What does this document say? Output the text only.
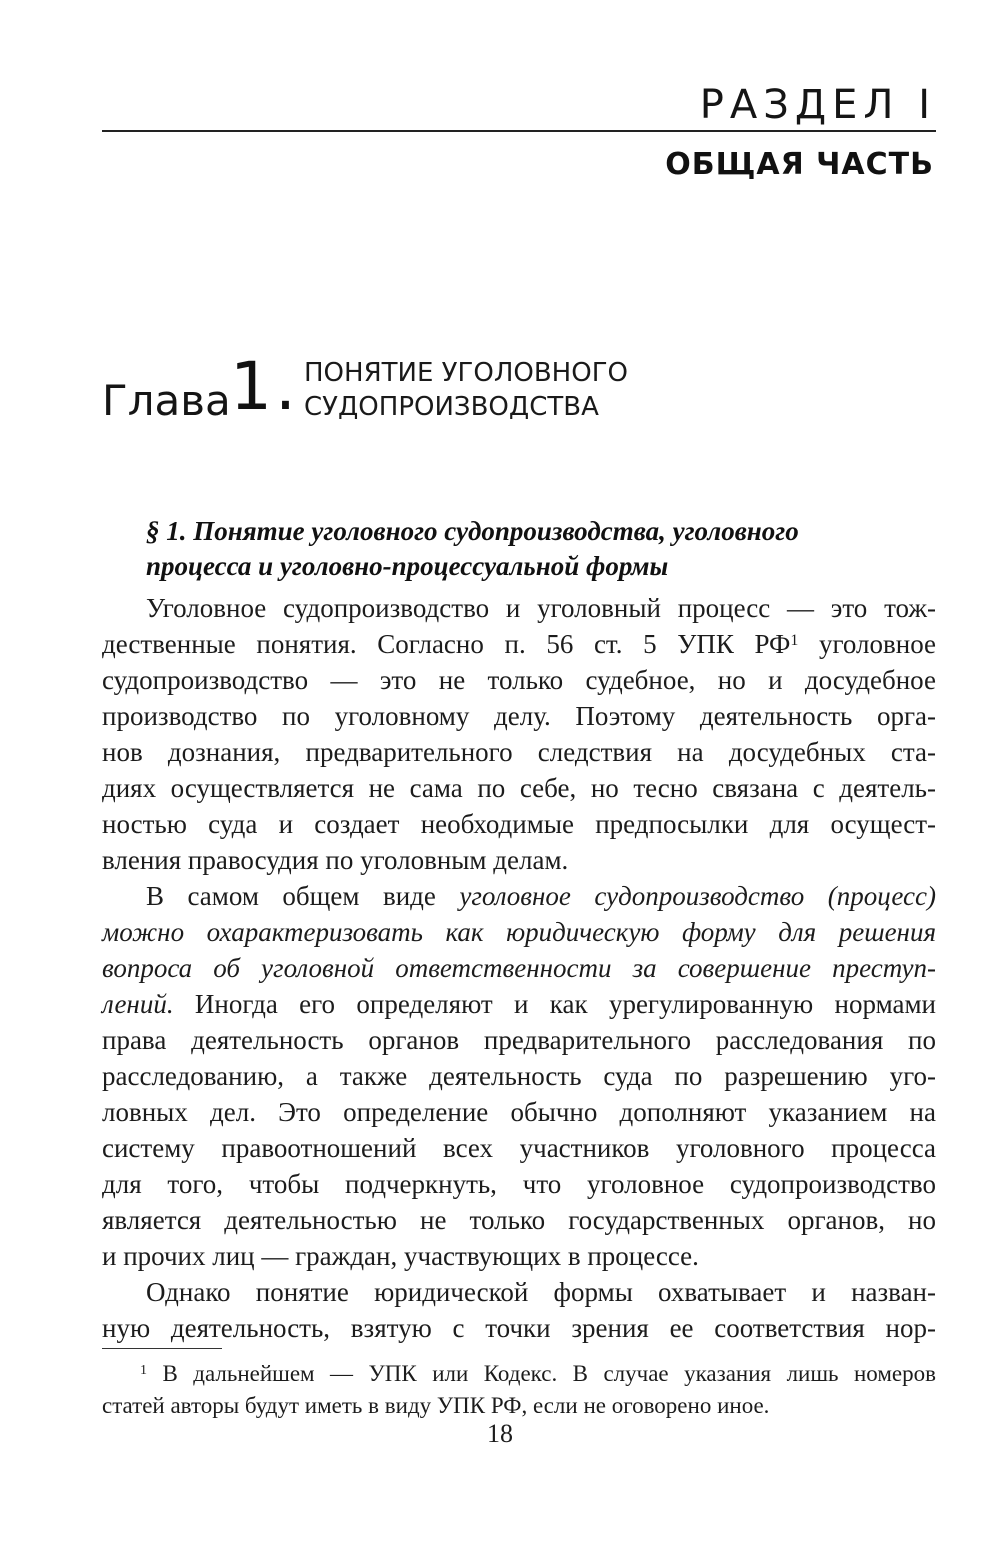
РАЗДЕЛ I
ОБЩАЯ ЧАСТЬ
Глава 1 . ПОНЯТИЕ УГОЛОВНОГО
СУДОПРОИЗВОДСТВА
§ 1. Понятие уголовного судопроизводства, уголовного
процесса и уголовно-процессуальной формы
Уголовное судопроизводство и уголовный процесс — это тож-
дественные понятия. Согласно п. 56 ст. 5 УПК $РФ^1$ уголовное
судопроизводство — это не только судебное, но и досудебное
производство по уголовному делу. Поэтому деятельность орга-
нов дознания, предварительного следствия на досудебных ста-
диях осуществляется не сама по себе, но тесно связана с деятель-
ностью суда и создает необходимые предпосылки для осущест-
вления правосудия по уголовным делам.
В самом общем виде уголовное судопроизводство (процесс)
можно охарактеризовать как юридическую форму для решения
вопроса об уголовной ответственности за совершение преступ-
лений. Иногда его определяют и как урегулированную нормами
права деятельность органов предварительного расследования по
расследованию, а также деятельность суда по разрешению уго-
ловных дел. Это определение обычно дополняют указанием на
систему правоотношений всех участников уголовного процесса
для того, чтобы подчеркнуть, что уголовное судопроизводство
является деятельностью не только государственных органов, но
и прочих лиц — граждан, участвующих в процессе.
Однако понятие юридической формы охватывает и назван-
ную деятельность, взятую с точки зрения ее соответствия нор-
$^1$ В дальнейшем — УПК или Кодекс. В случае указания лишь номеров
статей авторы будут иметь в виду УПК РФ, если не оговорено иное.
18
